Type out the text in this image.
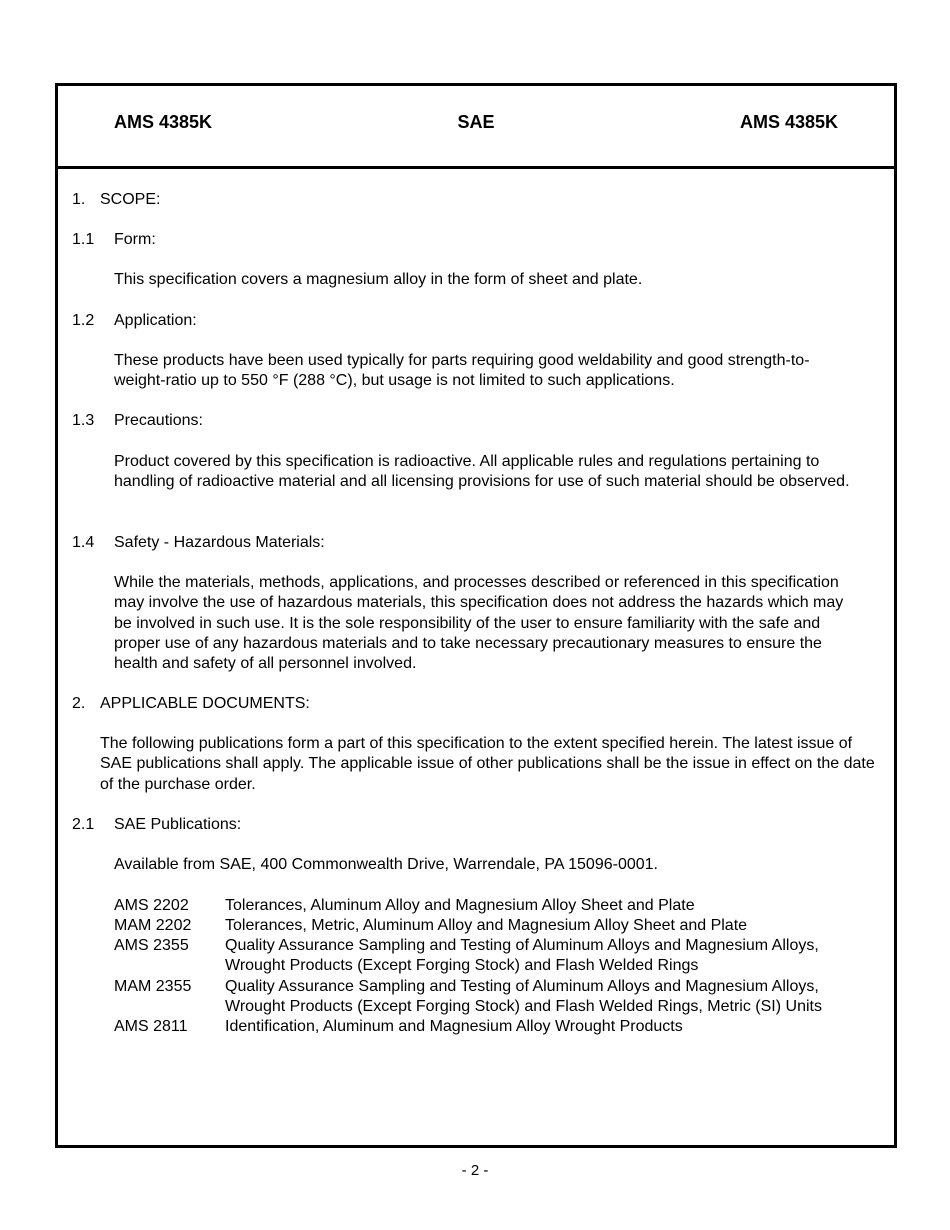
AMS 4385K	SAE	AMS 4385K
1. SCOPE:
1.1 Form:
This specification covers a magnesium alloy in the form of sheet and plate.
1.2 Application:
These products have been used typically for parts requiring good weldability and good strength-to-weight-ratio up to 550 °F (288 °C), but usage is not limited to such applications.
1.3 Precautions:
Product covered by this specification is radioactive. All applicable rules and regulations pertaining to handling of radioactive material and all licensing provisions for use of such material should be observed.
1.4 Safety - Hazardous Materials:
While the materials, methods, applications, and processes described or referenced in this specification may involve the use of hazardous materials, this specification does not address the hazards which may be involved in such use. It is the sole responsibility of the user to ensure familiarity with the safe and proper use of any hazardous materials and to take necessary precautionary measures to ensure the health and safety of all personnel involved.
2. APPLICABLE DOCUMENTS:
The following publications form a part of this specification to the extent specified herein. The latest issue of SAE publications shall apply. The applicable issue of other publications shall be the issue in effect on the date of the purchase order.
2.1 SAE Publications:
Available from SAE, 400 Commonwealth Drive, Warrendale, PA 15096-0001.
AMS 2202 Tolerances, Aluminum Alloy and Magnesium Alloy Sheet and Plate
MAM 2202 Tolerances, Metric, Aluminum Alloy and Magnesium Alloy Sheet and Plate
AMS 2355 Quality Assurance Sampling and Testing of Aluminum Alloys and Magnesium Alloys,
Wrought Products (Except Forging Stock) and Flash Welded Rings
MAM 2355 Quality Assurance Sampling and Testing of Aluminum Alloys and Magnesium Alloys,
Wrought Products (Except Forging Stock) and Flash Welded Rings, Metric (SI) Units
AMS 2811 Identification, Aluminum and Magnesium Alloy Wrought Products
- 2 -
